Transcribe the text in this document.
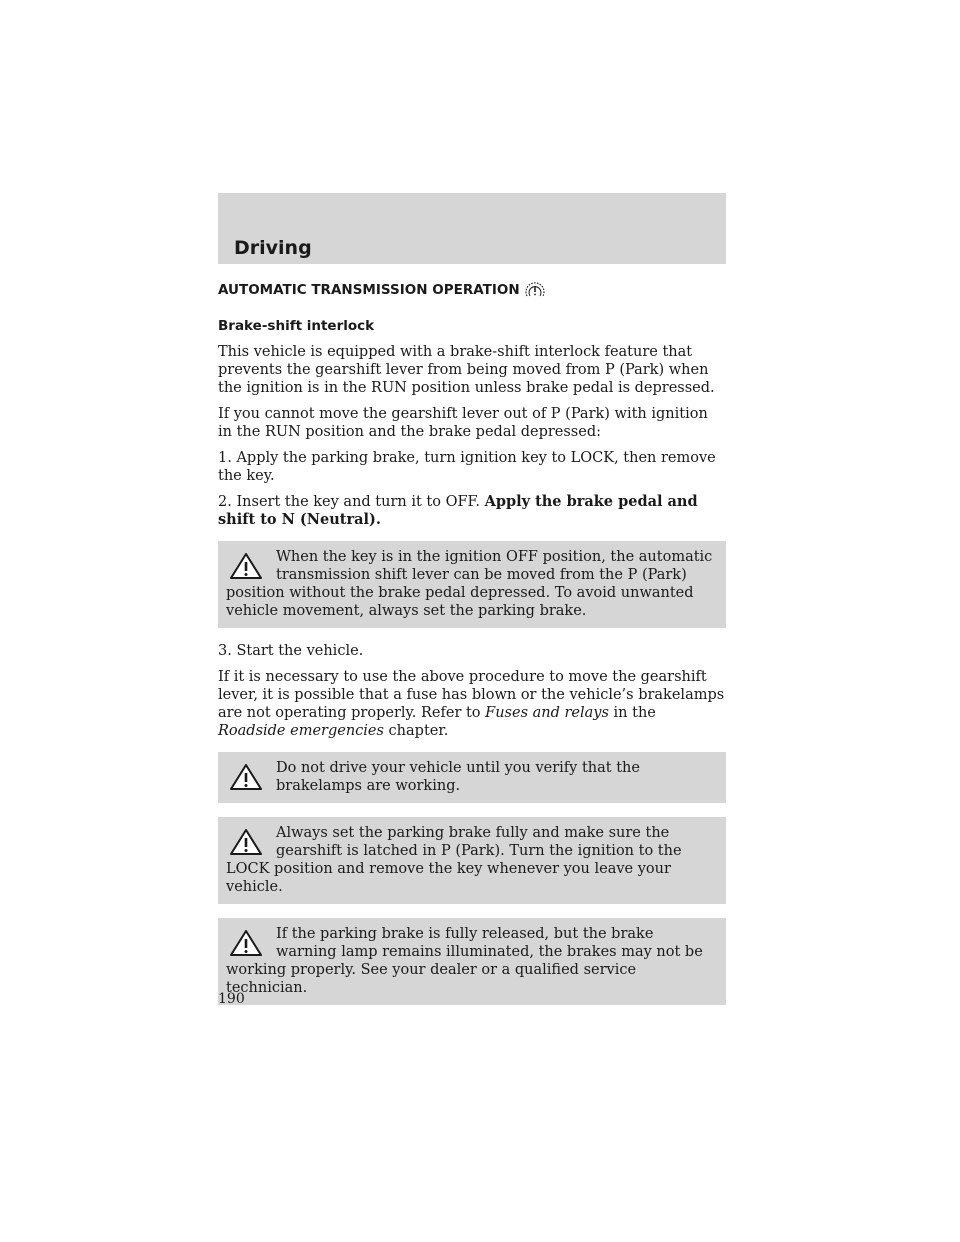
Driving
AUTOMATIC TRANSMISSION OPERATION
Brake-shift interlock

This vehicle is equipped with a brake-shift interlock feature that prevents the gearshift lever from being moved from P (Park) when the ignition is in the RUN position unless brake pedal is depressed.

If you cannot move the gearshift lever out of P (Park) with ignition in the RUN position and the brake pedal depressed:

1. Apply the parking brake, turn ignition key to LOCK, then remove the key.

2. Insert the key and turn it to OFF. Apply the brake pedal and shift to N (Neutral).

When the key is in the ignition OFF position, the automatic transmission shift lever can be moved from the P (Park) position without the brake pedal depressed. To avoid unwanted vehicle movement, always set the parking brake.

3. Start the vehicle.

If it is necessary to use the above procedure to move the gearshift lever, it is possible that a fuse has blown or the vehicle’s brakelamps are not operating properly. Refer to Fuses and relays in the Roadside emergencies chapter.

Do not drive your vehicle until you verify that the brakelamps are working.
Always set the parking brake fully and make sure the gearshift is latched in P (Park). Turn the ignition to the LOCK position and remove the key whenever you leave your vehicle.
If the parking brake is fully released, but the brake warning lamp remains illuminated, the brakes may not be working properly. See your dealer or a qualified service technician.
190
